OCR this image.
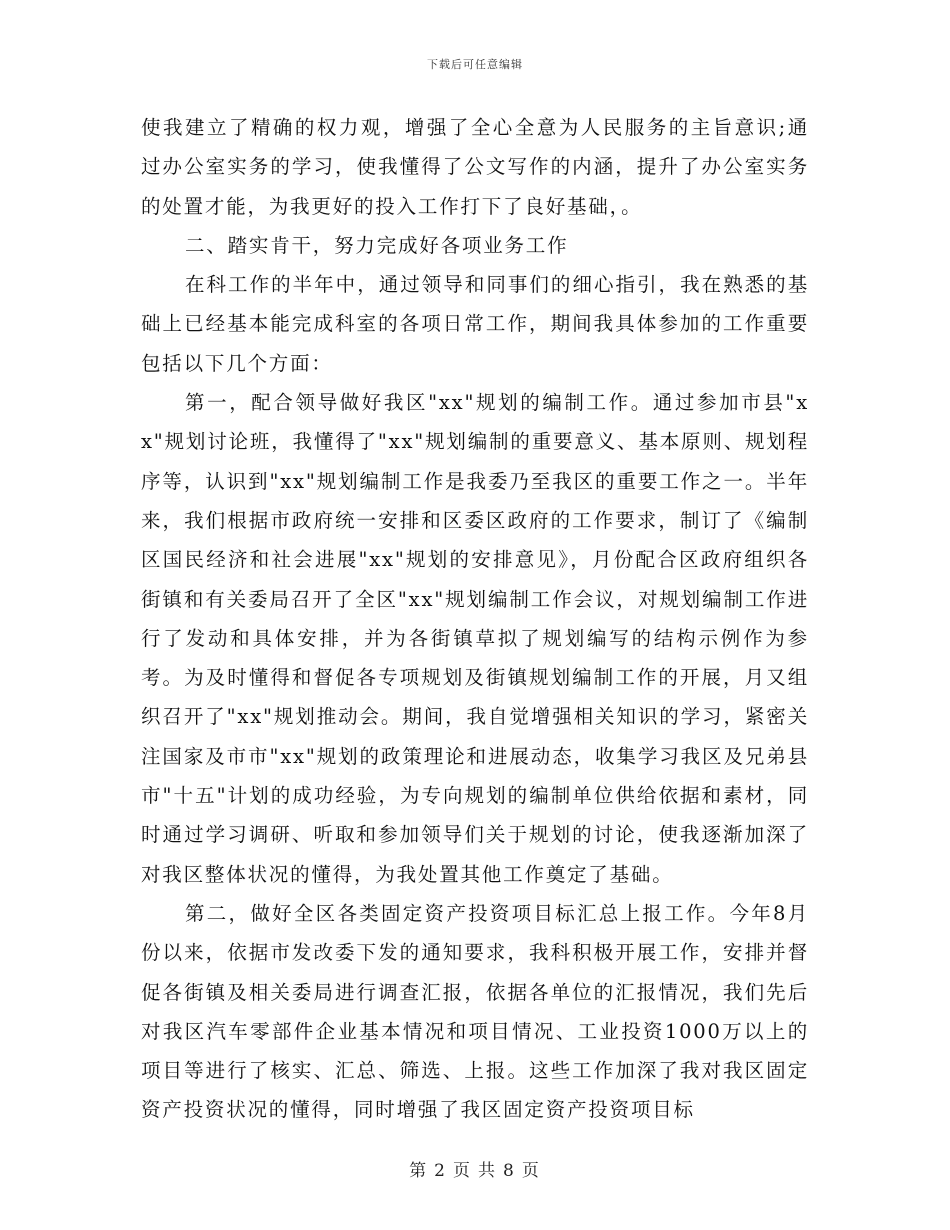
下载后可任意编辑

使我建立了精确的权力观，增强了全心全意为人民服务的主旨意识;通过办公室实务的学习，使我懂得了公文写作的内涵，提升了办公室实务的处置才能，为我更好的投入工作打下了良好基础，。

二、踏实肯干，努力完成好各项业务工作

在科工作的半年中，通过领导和同事们的细心指引，我在熟悉的基础上已经基本能完成科室的各项日常工作，期间我具体参加的工作重要包括以下几个方面：

第一，配合领导做好我区"xx"规划的编制工作。通过参加市县"xx"规划讨论班，我懂得了"xx"规划编制的重要意义、基本原则、规划程序等，认识到"xx"规划编制工作是我委乃至我区的重要工作之一。半年来，我们根据市政府统一安排和区委区政府的工作要求，制订了《编制区国民经济和社会进展"xx"规划的安排意见》，月份配合区政府组织各街镇和有关委局召开了全区"xx"规划编制工作会议，对规划编制工作进行了发动和具体安排，并为各街镇草拟了规划编写的结构示例作为参考。为及时懂得和督促各专项规划及街镇规划编制工作的开展，月又组织召开了"xx"规划推动会。期间，我自觉增强相关知识的学习，紧密关注国家及市市"xx"规划的政策理论和进展动态，收集学习我区及兄弟县市"十五"计划的成功经验，为专向规划的编制单位供给依据和素材，同时通过学习调研、听取和参加领导们关于规划的讨论，使我逐渐加深了对我区整体状况的懂得，为我处置其他工作奠定了基础。

第二，做好全区各类固定资产投资项目标汇总上报工作。今年8月份以来，依据市发改委下发的通知要求，我科积极开展工作，安排并督促各街镇及相关委局进行调查汇报，依据各单位的汇报情况，我们先后对我区汽车零部件企业基本情况和项目情况、工业投资1000万以上的项目等进行了核实、汇总、筛选、上报。这些工作加深了我对我区固定资产投资状况的懂得，同时增强了我区固定资产投资项目标

第 2 页 共 8 页
